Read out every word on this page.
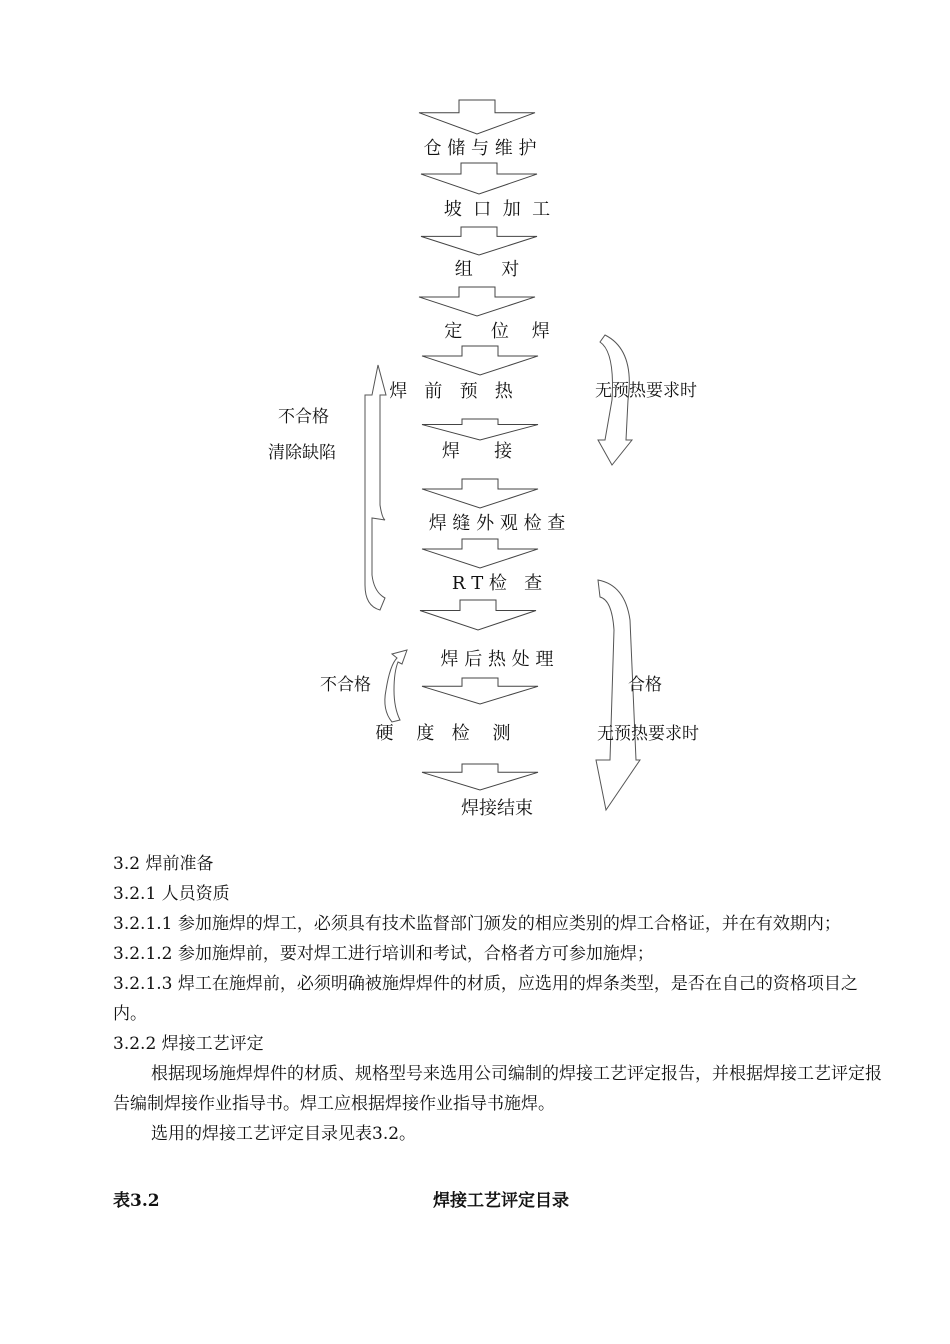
仓 储 与 维 护
坡  口  加  工
组     对
定     位    焊
焊   前   预   热
焊      接
焊 缝 外 观 检 查
R T 检   查
焊 后 热 处 理
硬    度   检    测
焊接结束
无预热要求时
不合格
清除缺陷
不合格	合格
无预热要求时

3.2 焊前准备

3.2.1 人员资质

3.2.1.1 参加施焊的焊工，必须具有技术监督部门颁发的相应类别的焊工合格证，并在有效期内；

3.2.1.2 参加施焊前，要对焊工进行培训和考试，合格者方可参加施焊；

3.2.1.3 焊工在施焊前，必须明确被施焊焊件的材质，应选用的焊条类型，是否在自己的资格项目之内。

3.2.2 焊接工艺评定

根据现场施焊焊件的材质、规格型号来选用公司编制的焊接工艺评定报告，并根据焊接工艺评定报告编制焊接作业指导书。焊工应根据焊接作业指导书施焊。

选用的焊接工艺评定目录见表3.2。

表3.2	焊接工艺评定目录
